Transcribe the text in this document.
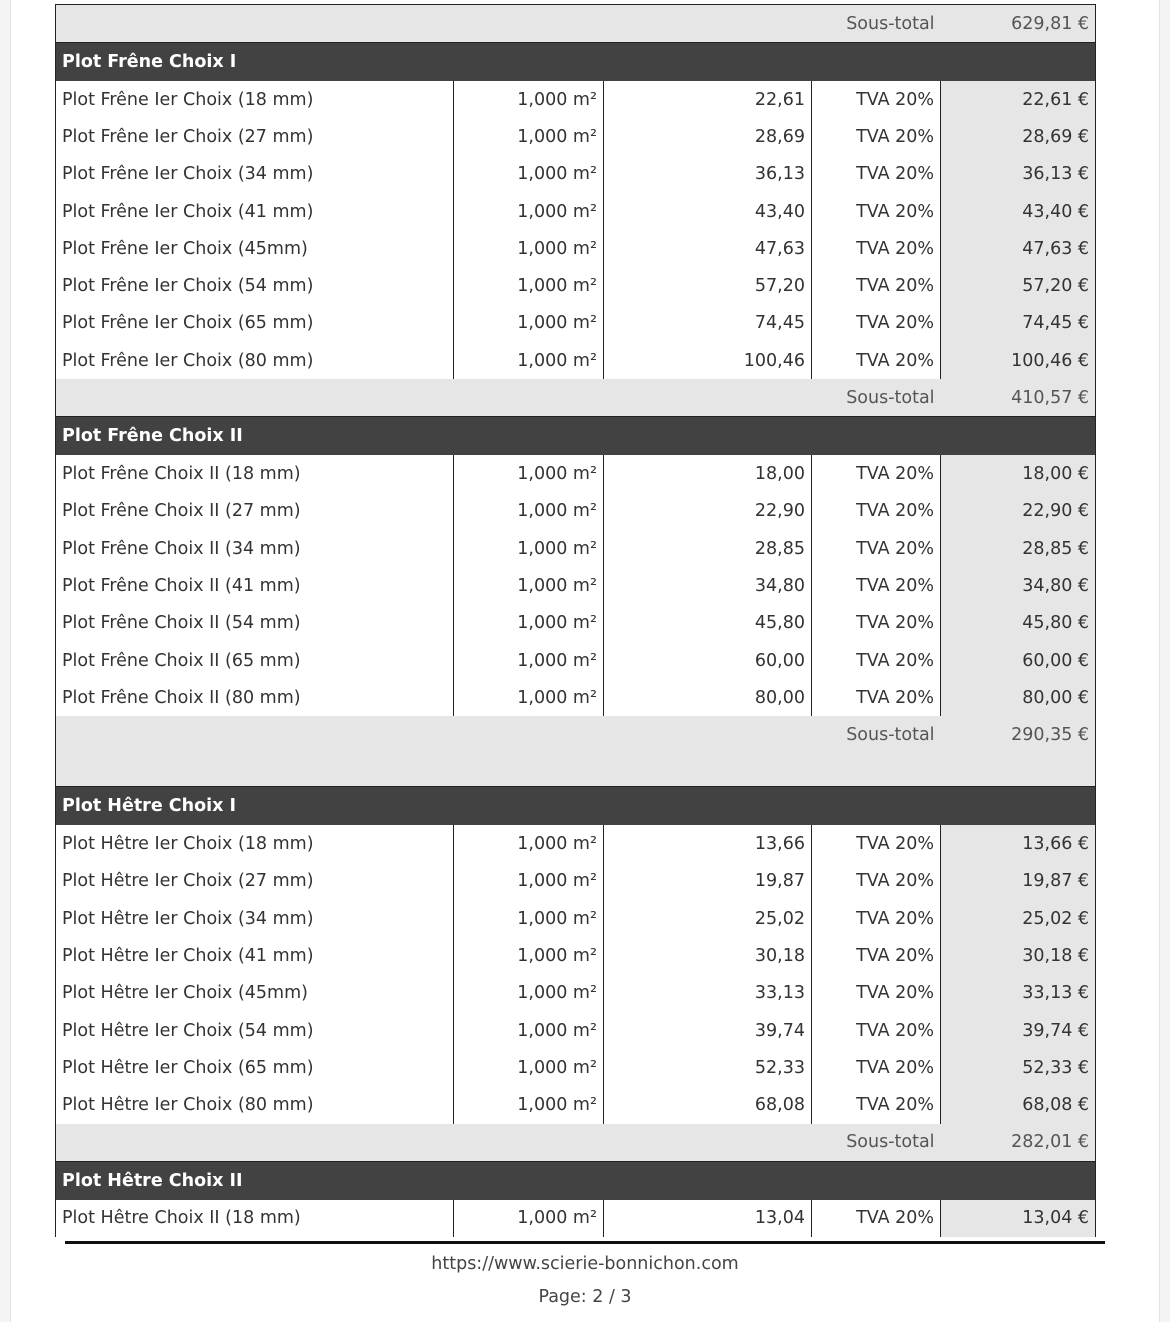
Sous-total				629,81 €
Plot Frêne Choix I				
Plot Frêne Ier Choix (18 mm)	1,000 m²	22,61	TVA 20%	22,61 €
Plot Frêne Ier Choix (27 mm)	1,000 m²	28,69	TVA 20%	28,69 €
Plot Frêne Ier Choix (34 mm)	1,000 m²	36,13	TVA 20%	36,13 €
Plot Frêne Ier Choix (41 mm)	1,000 m²	43,40	TVA 20%	43,40 €
Plot Frêne Ier Choix (45mm)	1,000 m²	47,63	TVA 20%	47,63 €
Plot Frêne Ier Choix (54 mm)	1,000 m²	57,20	TVA 20%	57,20 €
Plot Frêne Ier Choix (65 mm)	1,000 m²	74,45	TVA 20%	74,45 €
Plot Frêne Ier Choix (80 mm)	1,000 m²	100,46	TVA 20%	100,46 €
Sous-total				410,57 €
Plot Frêne Choix II				
Plot Frêne Choix II (18 mm)	1,000 m²	18,00	TVA 20%	18,00 €
Plot Frêne Choix II (27 mm)	1,000 m²	22,90	TVA 20%	22,90 €
Plot Frêne Choix II (34 mm)	1,000 m²	28,85	TVA 20%	28,85 €
Plot Frêne Choix II (41 mm)	1,000 m²	34,80	TVA 20%	34,80 €
Plot Frêne Choix II (54 mm)	1,000 m²	45,80	TVA 20%	45,80 €
Plot Frêne Choix II (65 mm)	1,000 m²	60,00	TVA 20%	60,00 €
Plot Frêne Choix II (80 mm)	1,000 m²	80,00	TVA 20%	80,00 €
Sous-total				290,35 €
Plot Hêtre Choix I				
Plot Hêtre Ier Choix (18 mm)	1,000 m²	13,66	TVA 20%	13,66 €
Plot Hêtre Ier Choix (27 mm)	1,000 m²	19,87	TVA 20%	19,87 €
Plot Hêtre Ier Choix (34 mm)	1,000 m²	25,02	TVA 20%	25,02 €
Plot Hêtre Ier Choix (41 mm)	1,000 m²	30,18	TVA 20%	30,18 €
Plot Hêtre Ier Choix (45mm)	1,000 m²	33,13	TVA 20%	33,13 €
Plot Hêtre Ier Choix (54 mm)	1,000 m²	39,74	TVA 20%	39,74 €
Plot Hêtre Ier Choix (65 mm)	1,000 m²	52,33	TVA 20%	52,33 €
Plot Hêtre Ier Choix (80 mm)	1,000 m²	68,08	TVA 20%	68,08 €
Sous-total				282,01 €
Plot Hêtre Choix II				
Plot Hêtre Choix II (18 mm)	1,000 m²	13,04	TVA 20%	13,04 €
https://www.scierie-bonnichon.com
Page: 2 / 3
